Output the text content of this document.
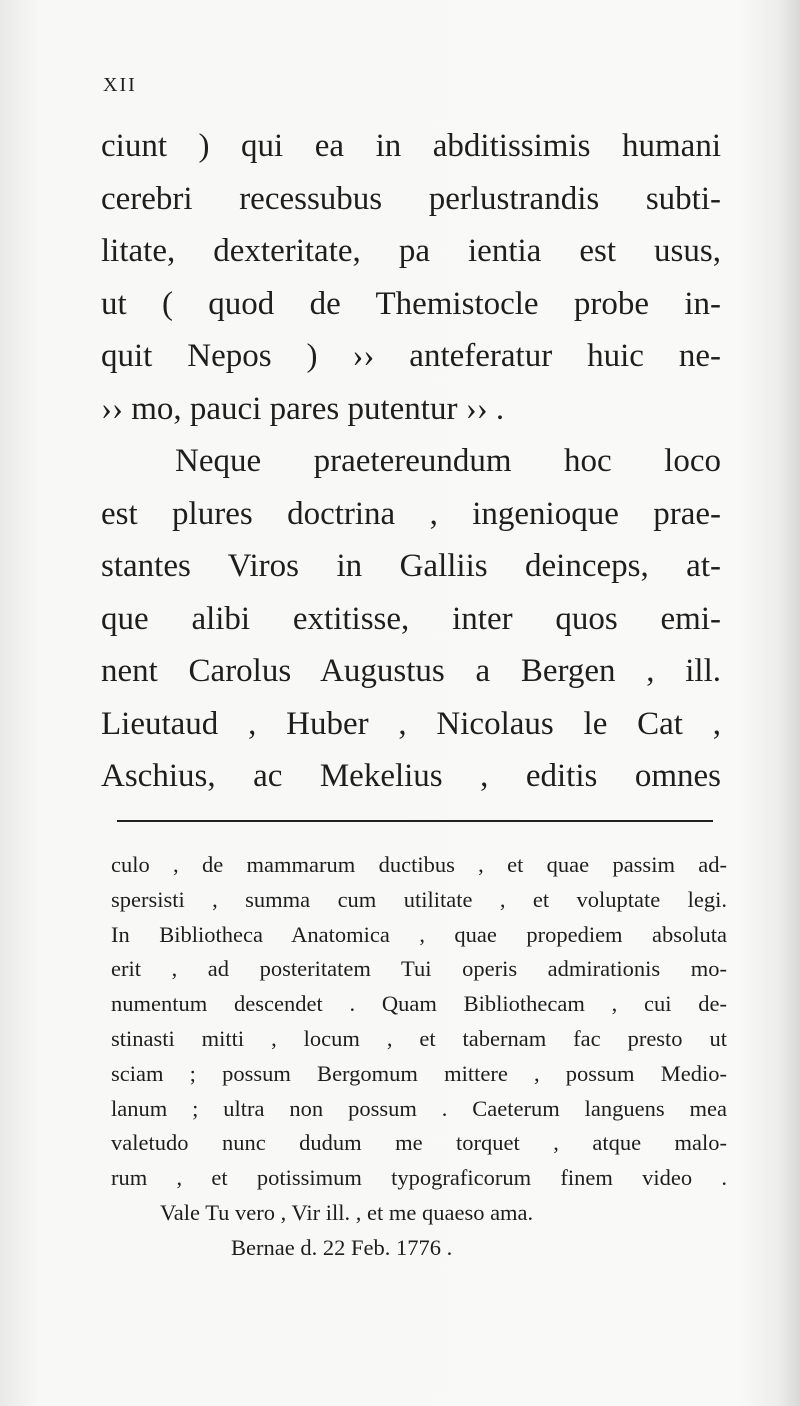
XII
ciunt ) qui ea in abditissimis humani
cerebri recessubus perlustrandis subti-
litate, dexteritate, pa ientia est usus,
ut ( quod de Themistocle probe in-
quit Nepos ) ›› anteferatur huic ne-
›› mo, pauci pares putentur ›› .
Neque praetereundum hoc loco
est plures doctrina , ingenioque prae-
stantes Viros in Galliis deinceps, at-
que alibi extitisse, inter quos emi-
nent Carolus Augustus a Bergen , ill.
Lieutaud , Huber , Nicolaus le Cat ,
Aschius, ac Mekelius , editis omnes
culo , de mammarum ductibus , et quae passim ad-
spersisti , summa cum utilitate , et voluptate legi.
In Bibliotheca Anatomica , quae propediem absoluta
erit , ad posteritatem Tui operis admirationis mo-
numentum descendet . Quam Bibliothecam , cui de-
stinasti mitti , locum , et tabernam fac presto ut
sciam ; possum Bergomum mittere , possum Medio-
lanum ; ultra non possum . Caeterum languens mea
valetudo nunc dudum me torquet , atque malo-
rum , et potissimum typograficorum finem video .
Vale Tu vero , Vir ill. , et me quaeso ama.
Bernae d. 22 Feb. 1776 .
